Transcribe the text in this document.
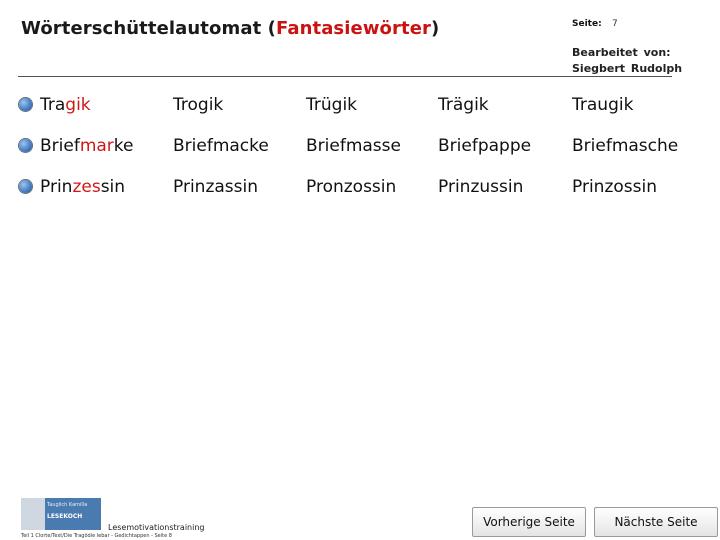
Wörterschüttelautomat (Fantasiewörter)	Seite: 7
Bearbeitet von:
Siegbert Rudolph
Tragik	Trogik	Trügik	Trägik	Traugik
Briefmarke Briefmacke Briefmasse Briefpappe Briefmasche
Prinzessin	Prinzassin	Pronzossin Prinzussin	Prinzossin
Tauglich Kamilla
LESEKOCH
Lesemotivationstraining
Teil 1 Clorte/Text/Die Tragödie lebar - Gedichtappen - Seite 8
Vorherige Seite	Nächste Seite
